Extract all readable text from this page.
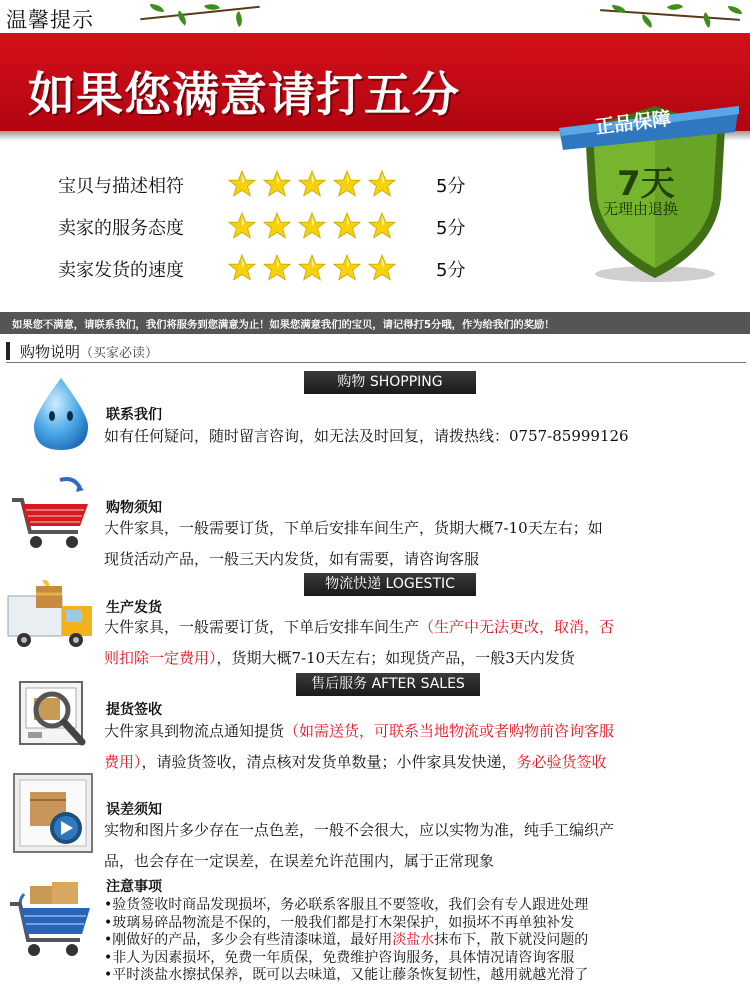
温馨提示
如果您满意请打五分	正品保障
7天
无理由退换
宝贝与描述相符	5分
卖家的服务态度	5分
卖家发货的速度	5分
如果您不满意，请联系我们，我们将服务到您满意为止！如果您满意我们的宝贝，请记得打5分哦，作为给我们的奖励！
购物说明（买家必读）
购物 SHOPPING
联系我们
如有任何疑问，随时留言咨询，如无法及时回复，请拨热线：0757-85999126
购物须知
大件家具，一般需要订货，下单后安排车间生产，货期大概7-10天左右；如
现货活动产品，一般三天内发货，如有需要，请咨询客服
物流快递 LOGESTIC
生产发货
大件家具，一般需要订货，下单后安排车间生产（生产中无法更改，取消，否
则扣除一定费用），货期大概7-10天左右；如现货产品，一般3天内发货
售后服务 AFTER SALES
提货签收
大件家具到物流点通知提货（如需送货，可联系当地物流或者购物前咨询客服
费用），请验货签收，清点核对发货单数量；小件家具发快递，务必验货签收
误差须知
实物和图片多少存在一点色差，一般不会很大，应以实物为准，纯手工编织产
品，也会存在一定误差，在误差允许范围内，属于正常现象
注意事项
•验货签收时商品发现损坏，务必联系客服且不要签收，我们会有专人跟进处理
•玻璃易碎品物流是不保的，一般我们都是打木架保护，如损坏不再单独补发
•刚做好的产品，多少会有些清漆味道，最好用淡盐水抹布下，散下就没问题的
•非人为因素损坏，免费一年质保，免费维护咨询服务，具体情况请咨询客服
•平时淡盐水擦拭保养，既可以去味道，又能让藤条恢复韧性，越用就越光滑了
